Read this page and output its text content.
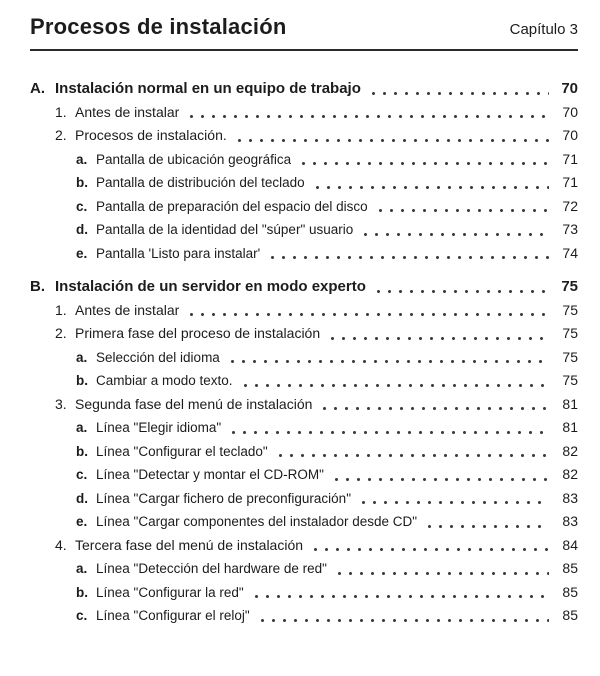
Procesos de instalación	Capítulo 3
A. Instalación normal en un equipo de trabajo	70
1. Antes de instalar	70
2. Procesos de instalación.	70
a. Pantalla de ubicación geográfica	71
b. Pantalla de distribución del teclado	71
c. Pantalla de preparación del espacio del disco	72
d. Pantalla de la identidad del "súper" usuario	73
e. Pantalla 'Listo para instalar'	74
B. Instalación de un servidor en modo experto	75
1. Antes de instalar	75
2. Primera fase del proceso de instalación	75
a. Selección del idioma	75
b. Cambiar a modo texto.	75
3. Segunda fase del menú de instalación	81
a. Línea "Elegir idioma"	81
b. Línea "Configurar el teclado"	82
c. Línea "Detectar y montar el CD-ROM"	82
d. Línea "Cargar fichero de preconfiguración"	83
e. Línea "Cargar componentes del instalador desde CD"	83
4. Tercera fase del menú de instalación	84
a. Línea "Detección del hardware de red"	85
b. Línea "Configurar la red"	85
c. Línea "Configurar el reloj"	85
